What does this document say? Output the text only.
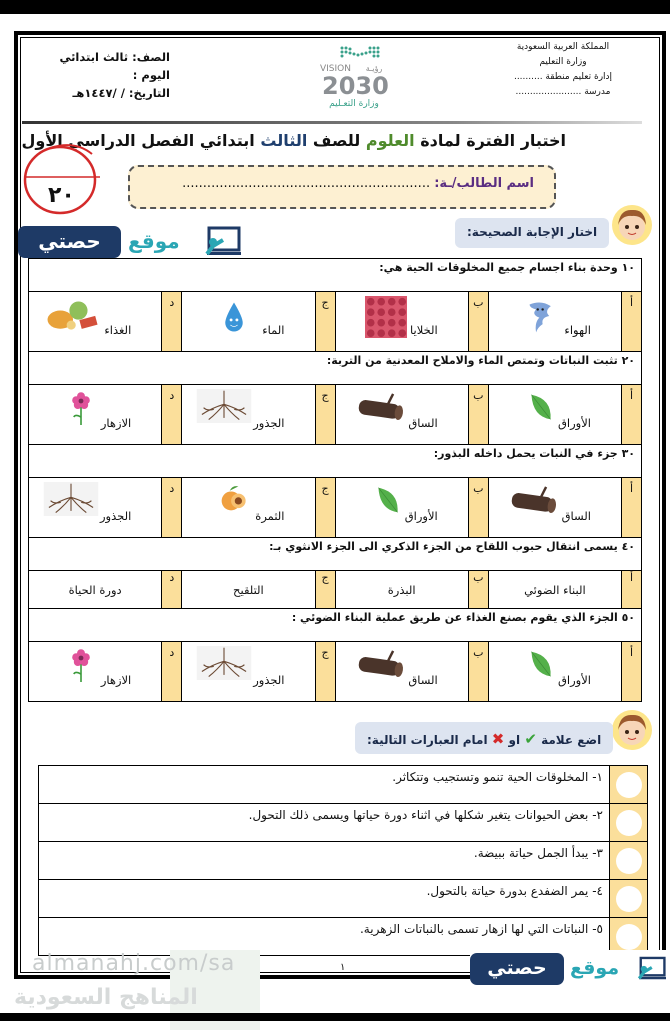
المملكة العربية السعودية
وزارة التعليم
إدارة تعليم منطقة ..........
مدرسة .......................
VISION رؤيـة
2030
وزارة التعـليم
الصف: ثالث ابتدائي
اليوم :
التاريخ: / /١٤٤٧هـ
اختبار الفترة لمادة العلوم للصف الثالث ابتدائي الفصل الدراسي الأول
٢٠	اسم الطالب/ـة: ............................................................
اختار الإجابة الصحيحة:
حصتي	موقع
١٠ وحدة بناء اجسام جميع المخلوقات الحية هي:							
أ	الهواء	ب	الخلايا	ج	الماء	د	الغذاء

٢٠ تثبت النباتات وتمتص الماء والاملاح المعدنية من التربة:							
أ	الأوراق	ب	الساق	ج	الجذور	د	الازهار

٣٠ جزء في النبات يحمل داخله البذور:							
أ	الساق	ب	الأوراق	ج	الثمرة	د	الجذور

٤٠ يسمى انتقال حبوب اللقاح من الجزء الذكري الى الجزء الانثوي بـ:							
أ	البناء الضوئي	ب	البذرة	ج	التلقيح	د	دورة الحياة
٥٠ الجزء الذي يقوم بصنع الغذاء عن طريق عملية البناء الضوئي :							
أ	الأوراق	ب	الساق	ج	الجذور	د	الازهار
اضع علامة ✔ او ✖ امام العبارات التالية:
	١- المخلوقات الحية تنمو وتستجيب وتتكاثر.
	٢- بعض الحيوانات يتغير شكلها في اثناء دورة حياتها ويسمى ذلك التحول.
	٣- يبدأ الجمل حياتة ببيضة.
	٤- يمر الضفدع بدورة حياتة بالتحول.
	٥- النباتات التي لها ازهار تسمى بالنباتات الزهرية.
almanahj.com/sa
المناهج السعودية
١	حصتي	موقع
